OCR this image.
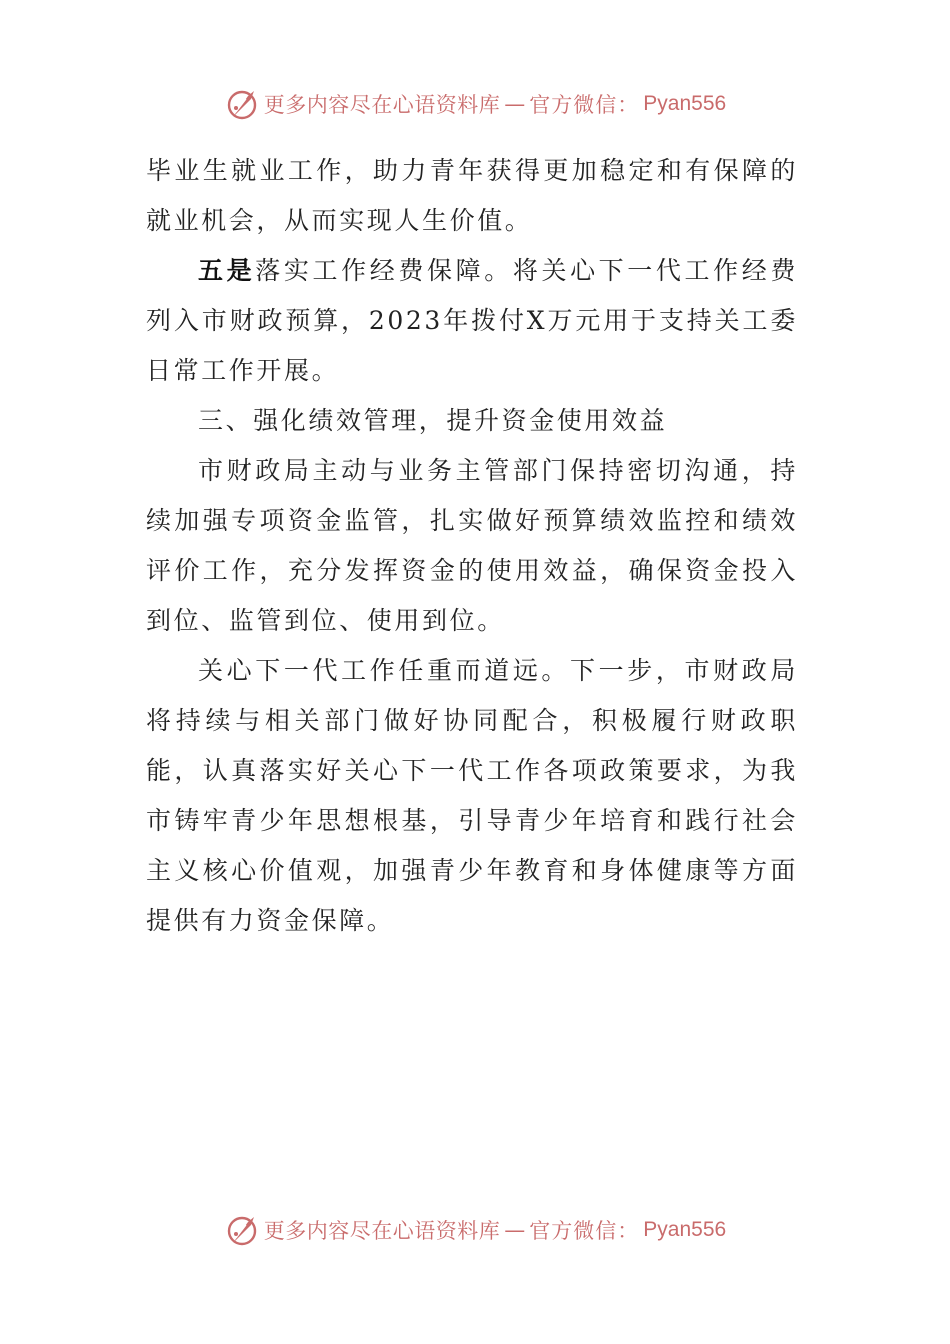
更多内容尽在心语资料库 — 官方微信： Pyan556

毕业生就业工作，助力青年获得更加稳定和有保障的就业机会，从而实现人生价值。

五是落实工作经费保障。将关心下一代工作经费列入市财政预算，2023年拨付X万元用于支持关工委日常工作开展。

三、强化绩效管理，提升资金使用效益

市财政局主动与业务主管部门保持密切沟通，持续加强专项资金监管，扎实做好预算绩效监控和绩效评价工作，充分发挥资金的使用效益，确保资金投入到位、监管到位、使用到位。

关心下一代工作任重而道远。下一步，市财政局将持续与相关部门做好协同配合，积极履行财政职能，认真落实好关心下一代工作各项政策要求，为我市铸牢青少年思想根基，引导青少年培育和践行社会主义核心价值观，加强青少年教育和身体健康等方面提供有力资金保障。

更多内容尽在心语资料库 — 官方微信： Pyan556
